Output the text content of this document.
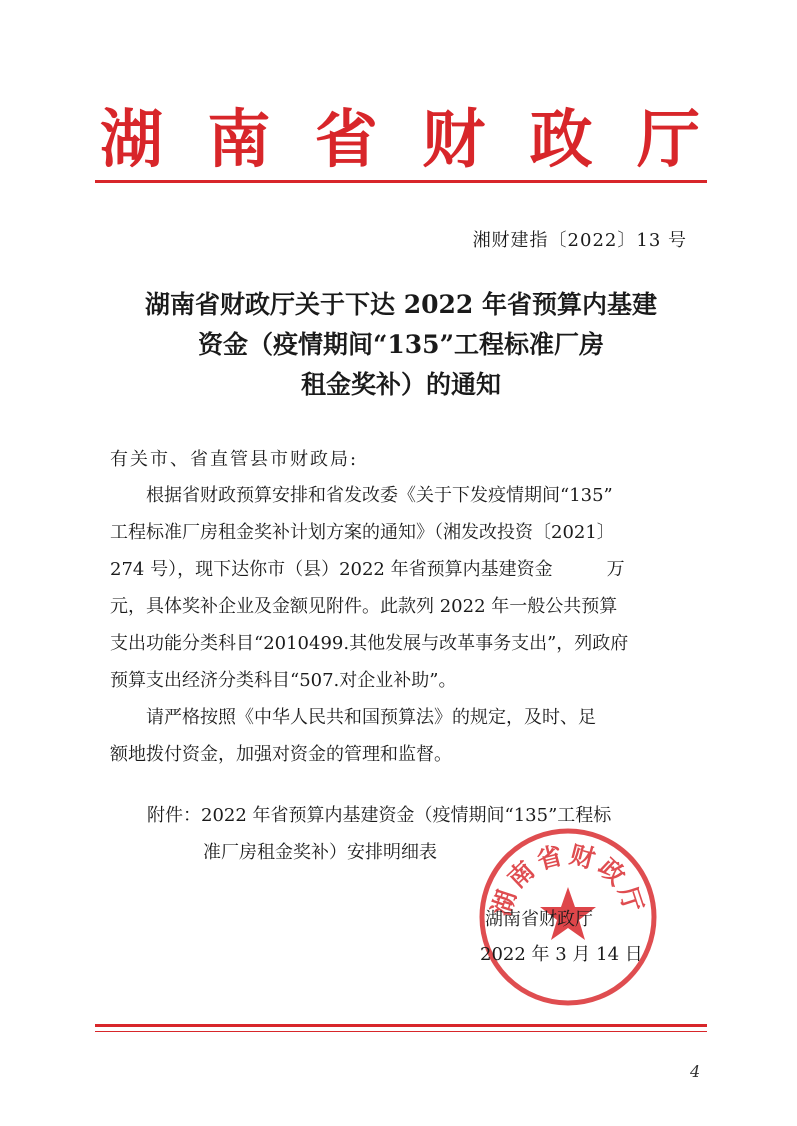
湖 南 省 财 政 厅
湘财建指〔2022〕13 号
湖南省财政厅关于下达 2022 年省预算内基建
资金（疫情期间“135”工程标准厂房
租金奖补）的通知
有关市、省直管县市财政局:
根据省财政预算安排和省发改委《关于下发疫情期间“135”
工程标准厂房租金奖补计划方案的通知》（湘发改投资〔2021〕
274 号），现下达你市（县）2022 年省预算内基建资金　　　万
元，具体奖补企业及金额见附件。此款列 2022 年一般公共预算
支出功能分类科目“2010499.其他发展与改革事务支出”，列政府
预算支出经济分类科目“507.对企业补助”。
请严格按照《中华人民共和国预算法》的规定，及时、足
额地拨付资金，加强对资金的管理和监督。
附件：2022 年省预算内基建资金（疫情期间“135”工程标
准厂房租金奖补）安排明细表
湖南省财政厅
湖南省财政厅
2022 年 3 月 14 日
4
